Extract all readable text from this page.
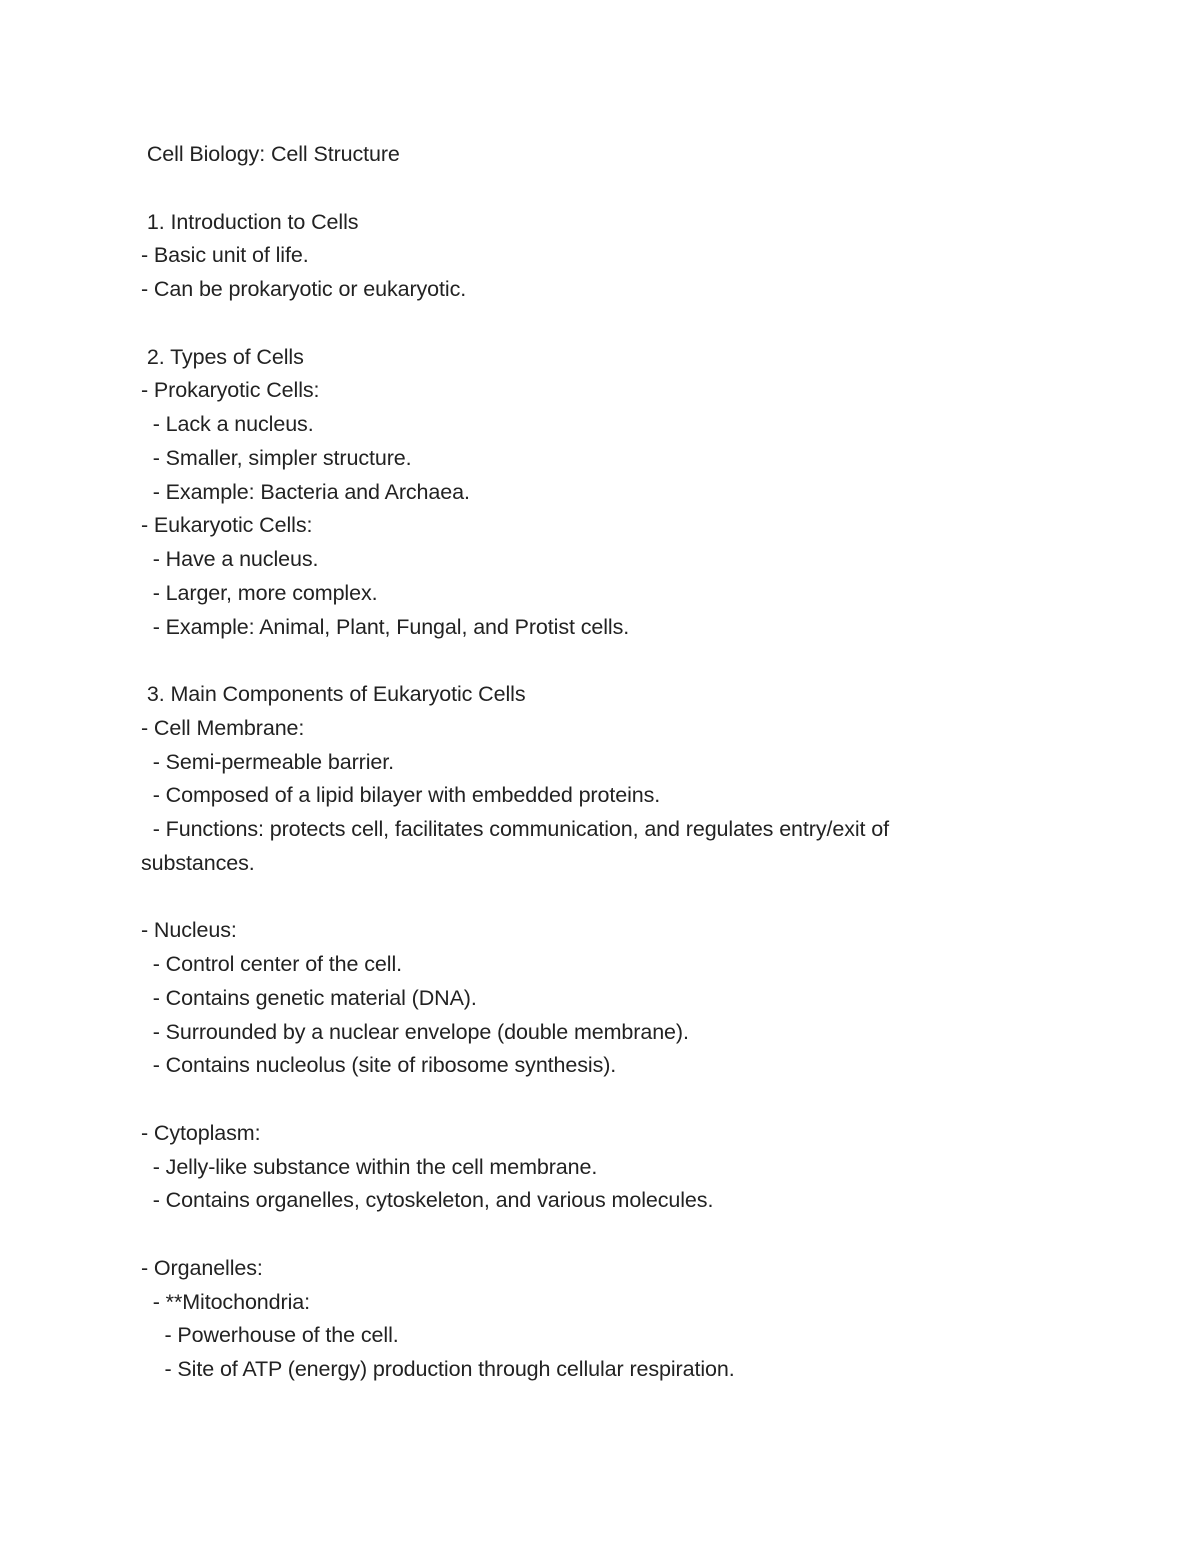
Cell Biology: Cell Structure
1. Introduction to Cells
- Basic unit of life.
- Can be prokaryotic or eukaryotic.
2. Types of Cells
- Prokaryotic Cells:
- Lack a nucleus.
- Smaller, simpler structure.
- Example: Bacteria and Archaea.
- Eukaryotic Cells:
- Have a nucleus.
- Larger, more complex.
- Example: Animal, Plant, Fungal, and Protist cells.
3. Main Components of Eukaryotic Cells
- Cell Membrane:
- Semi-permeable barrier.
- Composed of a lipid bilayer with embedded proteins.
- Functions: protects cell, facilitates communication, and regulates entry/exit of
substances.
- Nucleus:
- Control center of the cell.
- Contains genetic material (DNA).
- Surrounded by a nuclear envelope (double membrane).
- Contains nucleolus (site of ribosome synthesis).
- Cytoplasm:
- Jelly-like substance within the cell membrane.
- Contains organelles, cytoskeleton, and various molecules.
- Organelles:
- **Mitochondria:
- Powerhouse of the cell.
- Site of ATP (energy) production through cellular respiration.
